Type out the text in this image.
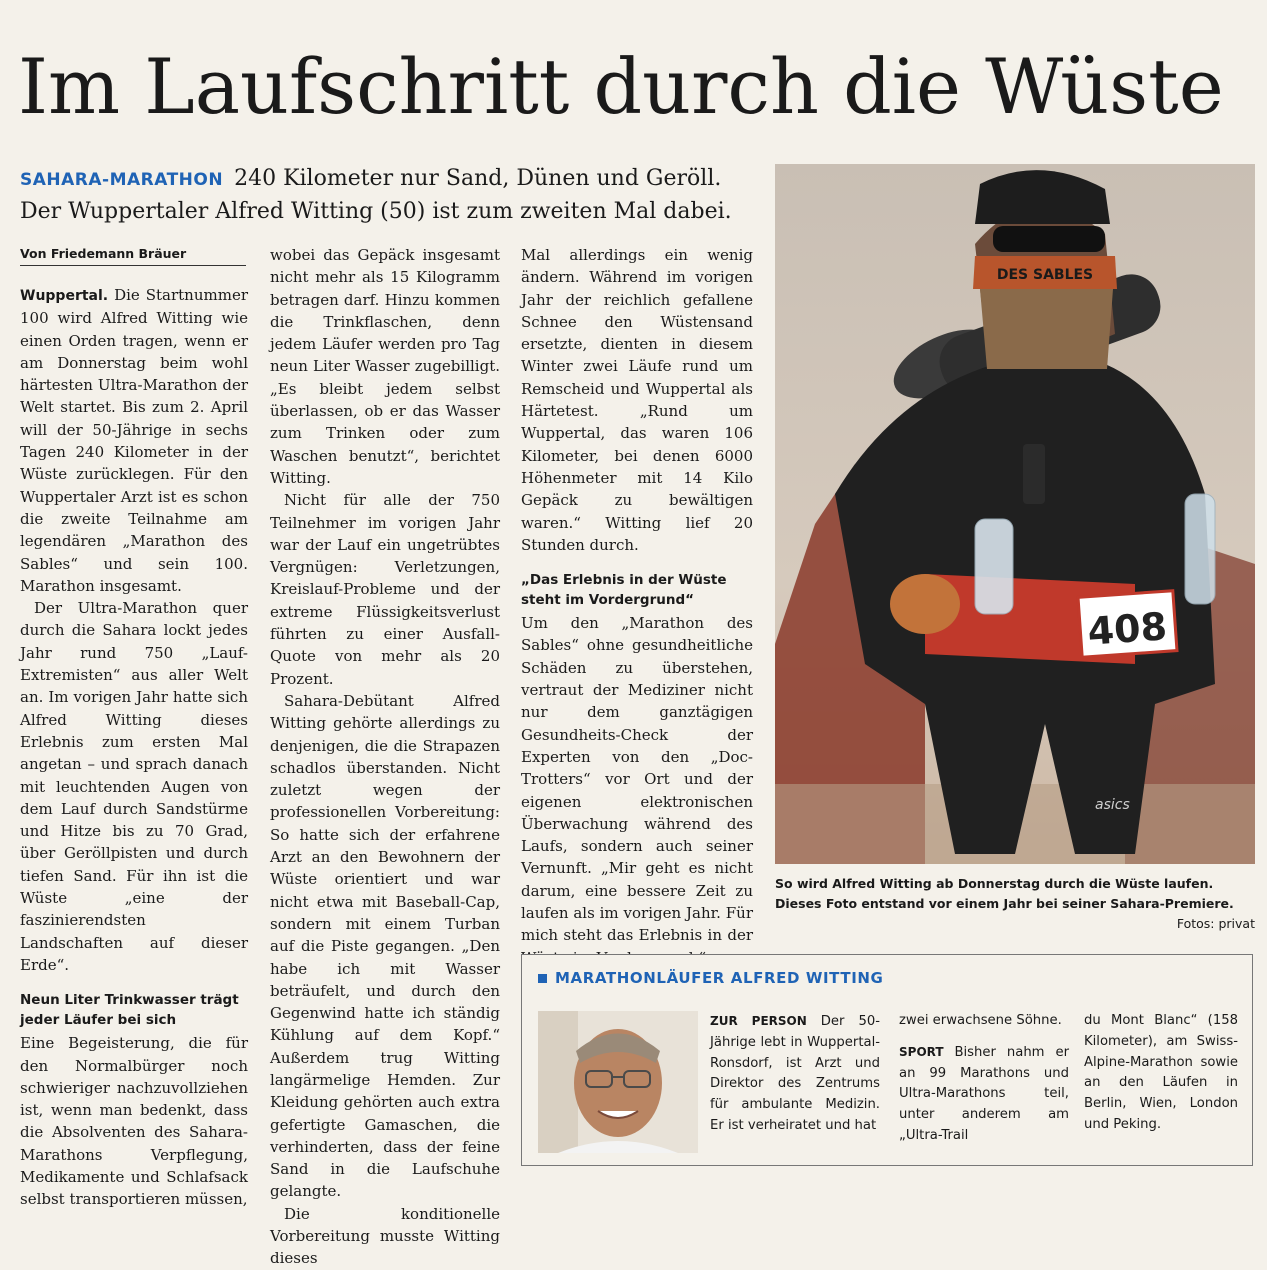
Im Laufschritt durch die Wüste
SAHARA-MARATHON 240 Kilometer nur Sand, Dünen und Geröll.
Der Wuppertaler Alfred Witting (50) ist zum zweiten Mal dabei.
Von Friedemann Bräuer

Wuppertal. Die Startnummer 100 wird Alfred Witting wie einen Orden tragen, wenn er am Donnerstag beim wohl härtesten Ultra-Marathon der Welt startet. Bis zum 2. April will der 50-Jährige in sechs Tagen 240 Kilometer in der Wüste zurücklegen. Für den Wuppertaler Arzt ist es schon die zweite Teilnahme am legendären „Marathon des Sables“ und sein 100. Marathon insgesamt.

Der Ultra-Marathon quer durch die Sahara lockt jedes Jahr rund 750 „Lauf-Extremisten“ aus aller Welt an. Im vorigen Jahr hatte sich Alfred Witting dieses Erlebnis zum ersten Mal angetan – und sprach danach mit leuchtenden Augen von dem Lauf durch Sandstürme und Hitze bis zu 70 Grad, über Geröllpisten und durch tiefen Sand. Für ihn ist die Wüste „eine der faszinierendsten Landschaften auf dieser Erde“.

Neun Liter Trinkwasser trägt jeder Läufer bei sich

Eine Begeisterung, die für den Normalbürger noch schwieriger nachzuvollziehen ist, wenn man bedenkt, dass die Absolventen des Sahara-Marathons Verpflegung, Medikamente und Schlafsack selbst transportieren müssen,

wobei das Gepäck insgesamt nicht mehr als 15 Kilogramm betragen darf. Hinzu kommen die Trinkflaschen, denn jedem Läufer werden pro Tag neun Liter Wasser zugebilligt. „Es bleibt jedem selbst überlassen, ob er das Wasser zum Trinken oder zum Waschen benutzt“, berichtet Witting.

Nicht für alle der 750 Teilnehmer im vorigen Jahr war der Lauf ein ungetrübtes Vergnügen: Verletzungen, Kreislauf-Probleme und der extreme Flüssigkeitsverlust führten zu einer Ausfall-Quote von mehr als 20 Prozent.

Sahara-Debütant Alfred Witting gehörte allerdings zu denjenigen, die die Strapazen schadlos überstanden. Nicht zuletzt wegen der professionellen Vorbereitung: So hatte sich der erfahrene Arzt an den Bewohnern der Wüste orientiert und war nicht etwa mit Baseball-Cap, sondern mit einem Turban auf die Piste gegangen. „Den habe ich mit Wasser beträufelt, und durch den Gegenwind hatte ich ständig Kühlung auf dem Kopf.“ Außerdem trug Witting langärmelige Hemden. Zur Kleidung gehörten auch extra gefertigte Gamaschen, die verhinderten, dass der feine Sand in die Laufschuhe gelangte.

Die konditionelle Vorbereitung musste Witting dieses

Mal allerdings ein wenig ändern. Während im vorigen Jahr der reichlich gefallene Schnee den Wüstensand ersetzte, dienten in diesem Winter zwei Läufe rund um Remscheid und Wuppertal als Härtetest. „Rund um Wuppertal, das waren 106 Kilometer, bei denen 6000 Höhenmeter mit 14 Kilo Gepäck zu bewältigen waren.“ Witting lief 20 Stunden durch.

„Das Erlebnis in der Wüste steht im Vordergrund“

Um den „Marathon des Sables“ ohne gesundheitliche Schäden zu überstehen, vertraut der Mediziner nicht nur dem ganztägigen Gesundheits-Check der Experten von den „Doc-Trotters“ vor Ort und der eigenen elektronischen Überwachung während des Laufs, sondern auch seiner Vernunft. „Mir geht es nicht darum, eine bessere Zeit zu laufen als im vorigen Jahr. Für mich steht das Erlebnis in der

DES SABLES
408
asics
So wird Alfred Witting ab Donnerstag durch die Wüste laufen. Dieses Foto entstand vor einem Jahr bei seiner Sahara-Premiere.
Fotos: privat
MARATHONLÄUFER ALFRED WITTING
ZUR PERSON Der 50-Jährige lebt in Wuppertal-Ronsdorf, ist Arzt und Direktor des Zentrums für ambulante Medizin. Er ist verheiratet und hat
zwei erwachsene Söhne.
SPORT Bisher nahm er an 99 Marathons und Ultra-Marathons teil, unter anderem am „Ultra-Trail
du Mont Blanc“ (158 Kilometer), am Swiss-Alpine-Marathon sowie an den Läufen in Berlin, Wien, London und Peking.
